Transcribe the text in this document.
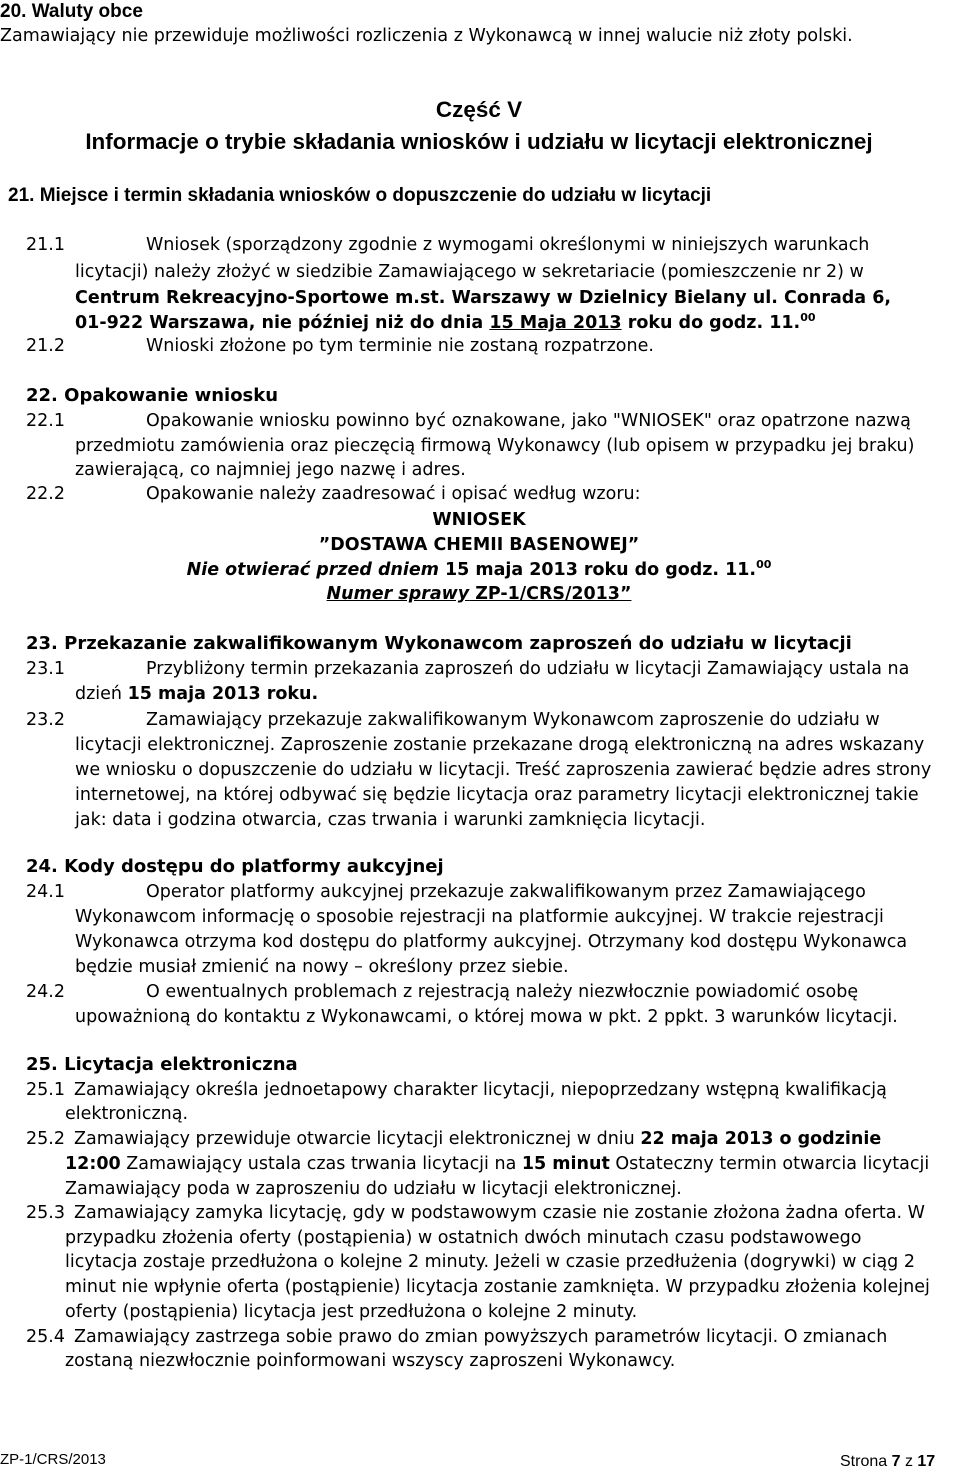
20. Waluty obce
Zamawiający nie przewiduje możliwości rozliczenia z Wykonawcą w innej walucie niż złoty polski.
Część V
Informacje o trybie składania wniosków i udziału w licytacji elektronicznej
21. Miejsce i termin składania wniosków o dopuszczenie do udziału w licytacji
21.1	Wniosek (sporządzony zgodnie z wymogami określonymi w niniejszych warunkach
licytacji) należy złożyć w siedzibie Zamawiającego w sekretariacie (pomieszczenie nr 2) w
Centrum Rekreacyjno-Sportowe m.st. Warszawy w Dzielnicy Bielany ul. Conrada 6,
01-922 Warszawa, nie później niż do dnia 15 Maja 2013 roku do godz. 11.00
21.2	Wnioski złożone po tym terminie nie zostaną rozpatrzone.
22. Opakowanie wniosku
22.1	Opakowanie wniosku powinno być oznakowane, jako "WNIOSEK" oraz opatrzone nazwą
przedmiotu zamówienia oraz pieczęcią firmową Wykonawcy (lub opisem w przypadku jej braku)
zawierającą, co najmniej jego nazwę i adres.
22.2	Opakowanie należy zaadresować i opisać według wzoru:
WNIOSEK
”DOSTAWA CHEMII BASENOWEJ”
Nie otwierać przed dniem 15 maja 2013 roku do godz. 11.00
Numer sprawy ZP-1/CRS/2013”
23. Przekazanie zakwalifikowanym Wykonawcom zaproszeń do udziału w licytacji
23.1	Przybliżony termin przekazania zaproszeń do udziału w licytacji Zamawiający ustala na
dzień 15 maja 2013 roku.
23.2	Zamawiający przekazuje zakwalifikowanym Wykonawcom zaproszenie do udziału w
licytacji elektronicznej. Zaproszenie zostanie przekazane drogą elektroniczną na adres wskazany
we wniosku o dopuszczenie do udziału w licytacji. Treść zaproszenia zawierać będzie adres strony
internetowej, na której odbywać się będzie licytacja oraz parametry licytacji elektronicznej takie
jak: data i godzina otwarcia, czas trwania i warunki zamknięcia licytacji.
24. Kody dostępu do platformy aukcyjnej
24.1	Operator platformy aukcyjnej przekazuje zakwalifikowanym przez Zamawiającego
Wykonawcom informację o sposobie rejestracji na platformie aukcyjnej. W trakcie rejestracji
Wykonawca otrzyma kod dostępu do platformy aukcyjnej. Otrzymany kod dostępu Wykonawca
będzie musiał zmienić na nowy – określony przez siebie.
24.2	O ewentualnych problemach z rejestracją należy niezwłocznie powiadomić osobę
upoważnioną do kontaktu z Wykonawcami, o której mowa w pkt. 2 ppkt. 3 warunków licytacji.
25. Licytacja elektroniczna
25.1 Zamawiający określa jednoetapowy charakter licytacji, niepoprzedzany wstępną kwalifikacją
elektroniczną.
25.2 Zamawiający przewiduje otwarcie licytacji elektronicznej w dniu 22 maja 2013 o godzinie
12:00 Zamawiający ustala czas trwania licytacji na 15 minut Ostateczny termin otwarcia licytacji
Zamawiający poda w zaproszeniu do udziału w licytacji elektronicznej.
25.3 Zamawiający zamyka licytację, gdy w podstawowym czasie nie zostanie złożona żadna oferta. W
przypadku złożenia oferty (postąpienia) w ostatnich dwóch minutach czasu podstawowego
licytacja zostaje przedłużona o kolejne 2 minuty. Jeżeli w czasie przedłużenia (dogrywki) w ciąg 2
minut nie wpłynie oferta (postąpienie) licytacja zostanie zamknięta. W przypadku złożenia kolejnej
oferty (postąpienia) licytacja jest przedłużona o kolejne 2 minuty.
25.4 Zamawiający zastrzega sobie prawo do zmian powyższych parametrów licytacji. O zmianach
zostaną niezwłocznie poinformowani wszyscy zaproszeni Wykonawcy.
ZP-1/CRS/2013	Strona 7 z 17
